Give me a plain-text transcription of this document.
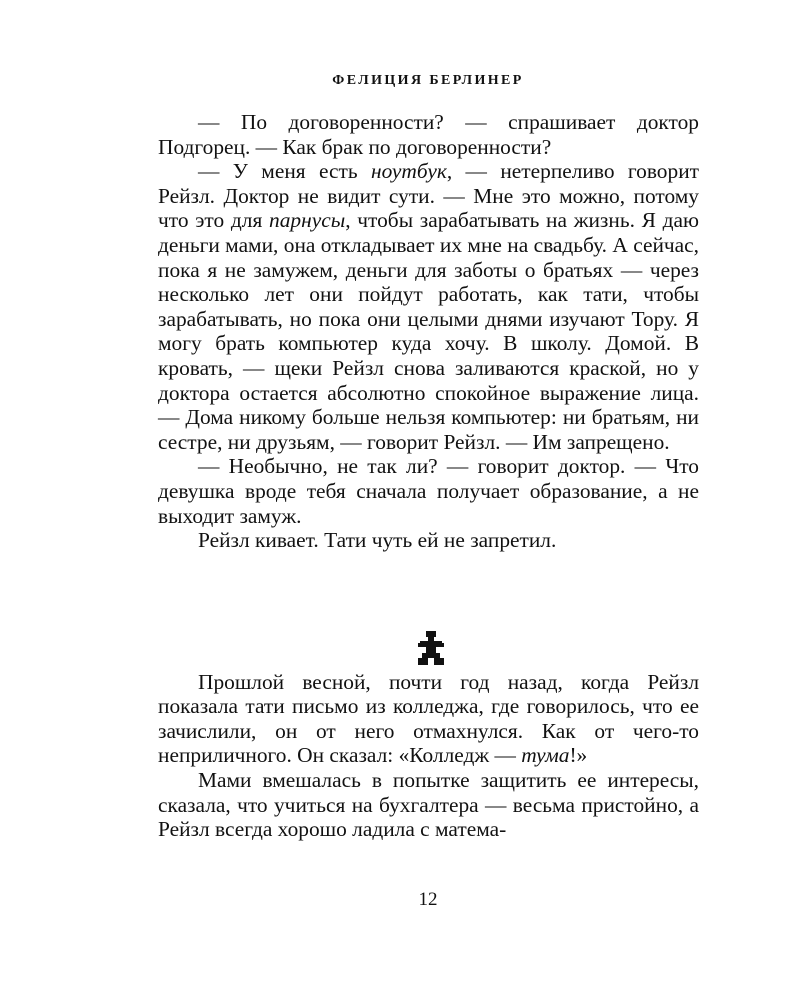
ФЕЛИЦИЯ БЕРЛИНЕР

— По договоренности? — спрашивает доктор Подгорец. — Как брак по договоренности?

— У меня есть ноутбук, — нетерпеливо говорит Рейзл. Доктор не видит сути. — Мне это можно, потому что это для парнусы, чтобы зарабатывать на жизнь. Я даю деньги мами, она откладывает их мне на свадьбу. А сейчас, пока я не замужем, деньги для заботы о братьях — через несколько лет они пойдут работать, как тати, чтобы зарабатывать, но пока они целыми днями изучают Тору. Я могу брать компьютер куда хочу. В школу. Домой. В кровать, — щеки Рейзл снова заливаются краской, но у доктора остается абсолютно спокойное выражение лица. — Дома никому больше нельзя компьютер: ни братьям, ни сестре, ни друзьям, — говорит Рейзл. — Им запрещено.

— Необычно, не так ли? — говорит доктор. — Что девушка вроде тебя сначала получает образование, а не выходит замуж.

Рейзл кивает. Тати чуть ей не запретил.

Прошлой весной, почти год назад, когда Рейзл показала тати письмо из колледжа, где говорилось, что ее зачислили, он от него отмахнулся. Как от чего-то неприличного. Он сказал: «Колледж — тума!»

Мами вмешалась в попытке защитить ее интересы, сказала, что учиться на бухгалтера — весьма пристойно, а Рейзл всегда хорошо ладила с матема-

12
